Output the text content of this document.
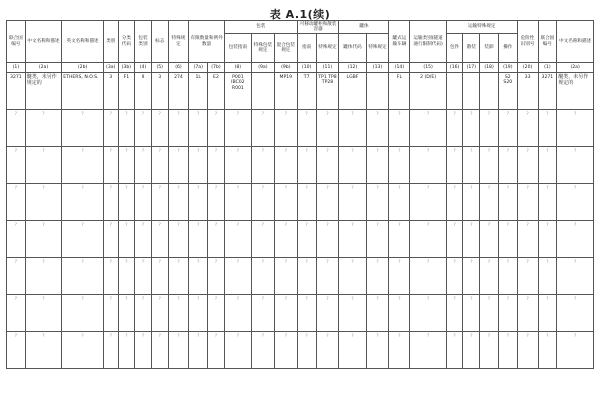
表 A.1(续)
联合国编号	中文名称和描述	英文名称和描述	类别	分类代码	包装类别	标志	特殊规定	有限数量和例外数量		包装			可移动罐柜和散装容器		罐体		罐式运输车辆	运输类别(隧道通行限制代码)	运输特殊规定				危险性识别号	联合国编号	中文名称和描述
										包装指南	特殊包装规定	混合包装规定	指南	特殊规定	罐体代码	特殊规定			包件	散装	装卸	操作			
(1)	(2a)	(2b)	(3a)	(3b)	(4)	(5)	(6)	(7a)	(7b)	(8)	(9a)	(9b)	(10)	(11)	(12)	(13)	(14)	(15)	(16)	(17)	(18)	(19)	(20)	(1)	(2a)
3271	醚类，未另作规定的	ETHERS, N.O.S.	3	F1	Ⅱ	3	274	1L	E2	P001 IBC02 R001		MP19	T7	TP1 TP8 TP28	LGBF		FL	2 (D/E)				S2 S20	33	3271	醚类，未另作规定的
?	?	?	?	?	?	?	?	?	?	?	?	?	?	?	?	?	?	?	?	?	?	?	?	?	?
?	?	?	?	?	?	?	?	?	?	?	?	?	?	?	?	?	?	?	?	?	?	?	?	?	?
?	?	?	?	?	?	?	?	?	?	?	?	?	?	?	?	?	?	?	?	?	?	?	?	?	?
?	?	?	?	?	?	?	?	?	?	?	?	?	?	?	?	?	?	?	?	?	?	?	?	?	?
?	?	?	?	?	?	?	?	?	?	?	?	?	?	?	?	?	?	?	?	?	?	?	?	?	?
?	?	?	?	?	?	?	?	?	?	?	?	?	?	?	?	?	?	?	?	?	?	?	?	?	?
?	?	?	?	?	?	?	?	?	?	?	?	?	?	?	?	?	?	?	?	?	?	?	?	?	?
